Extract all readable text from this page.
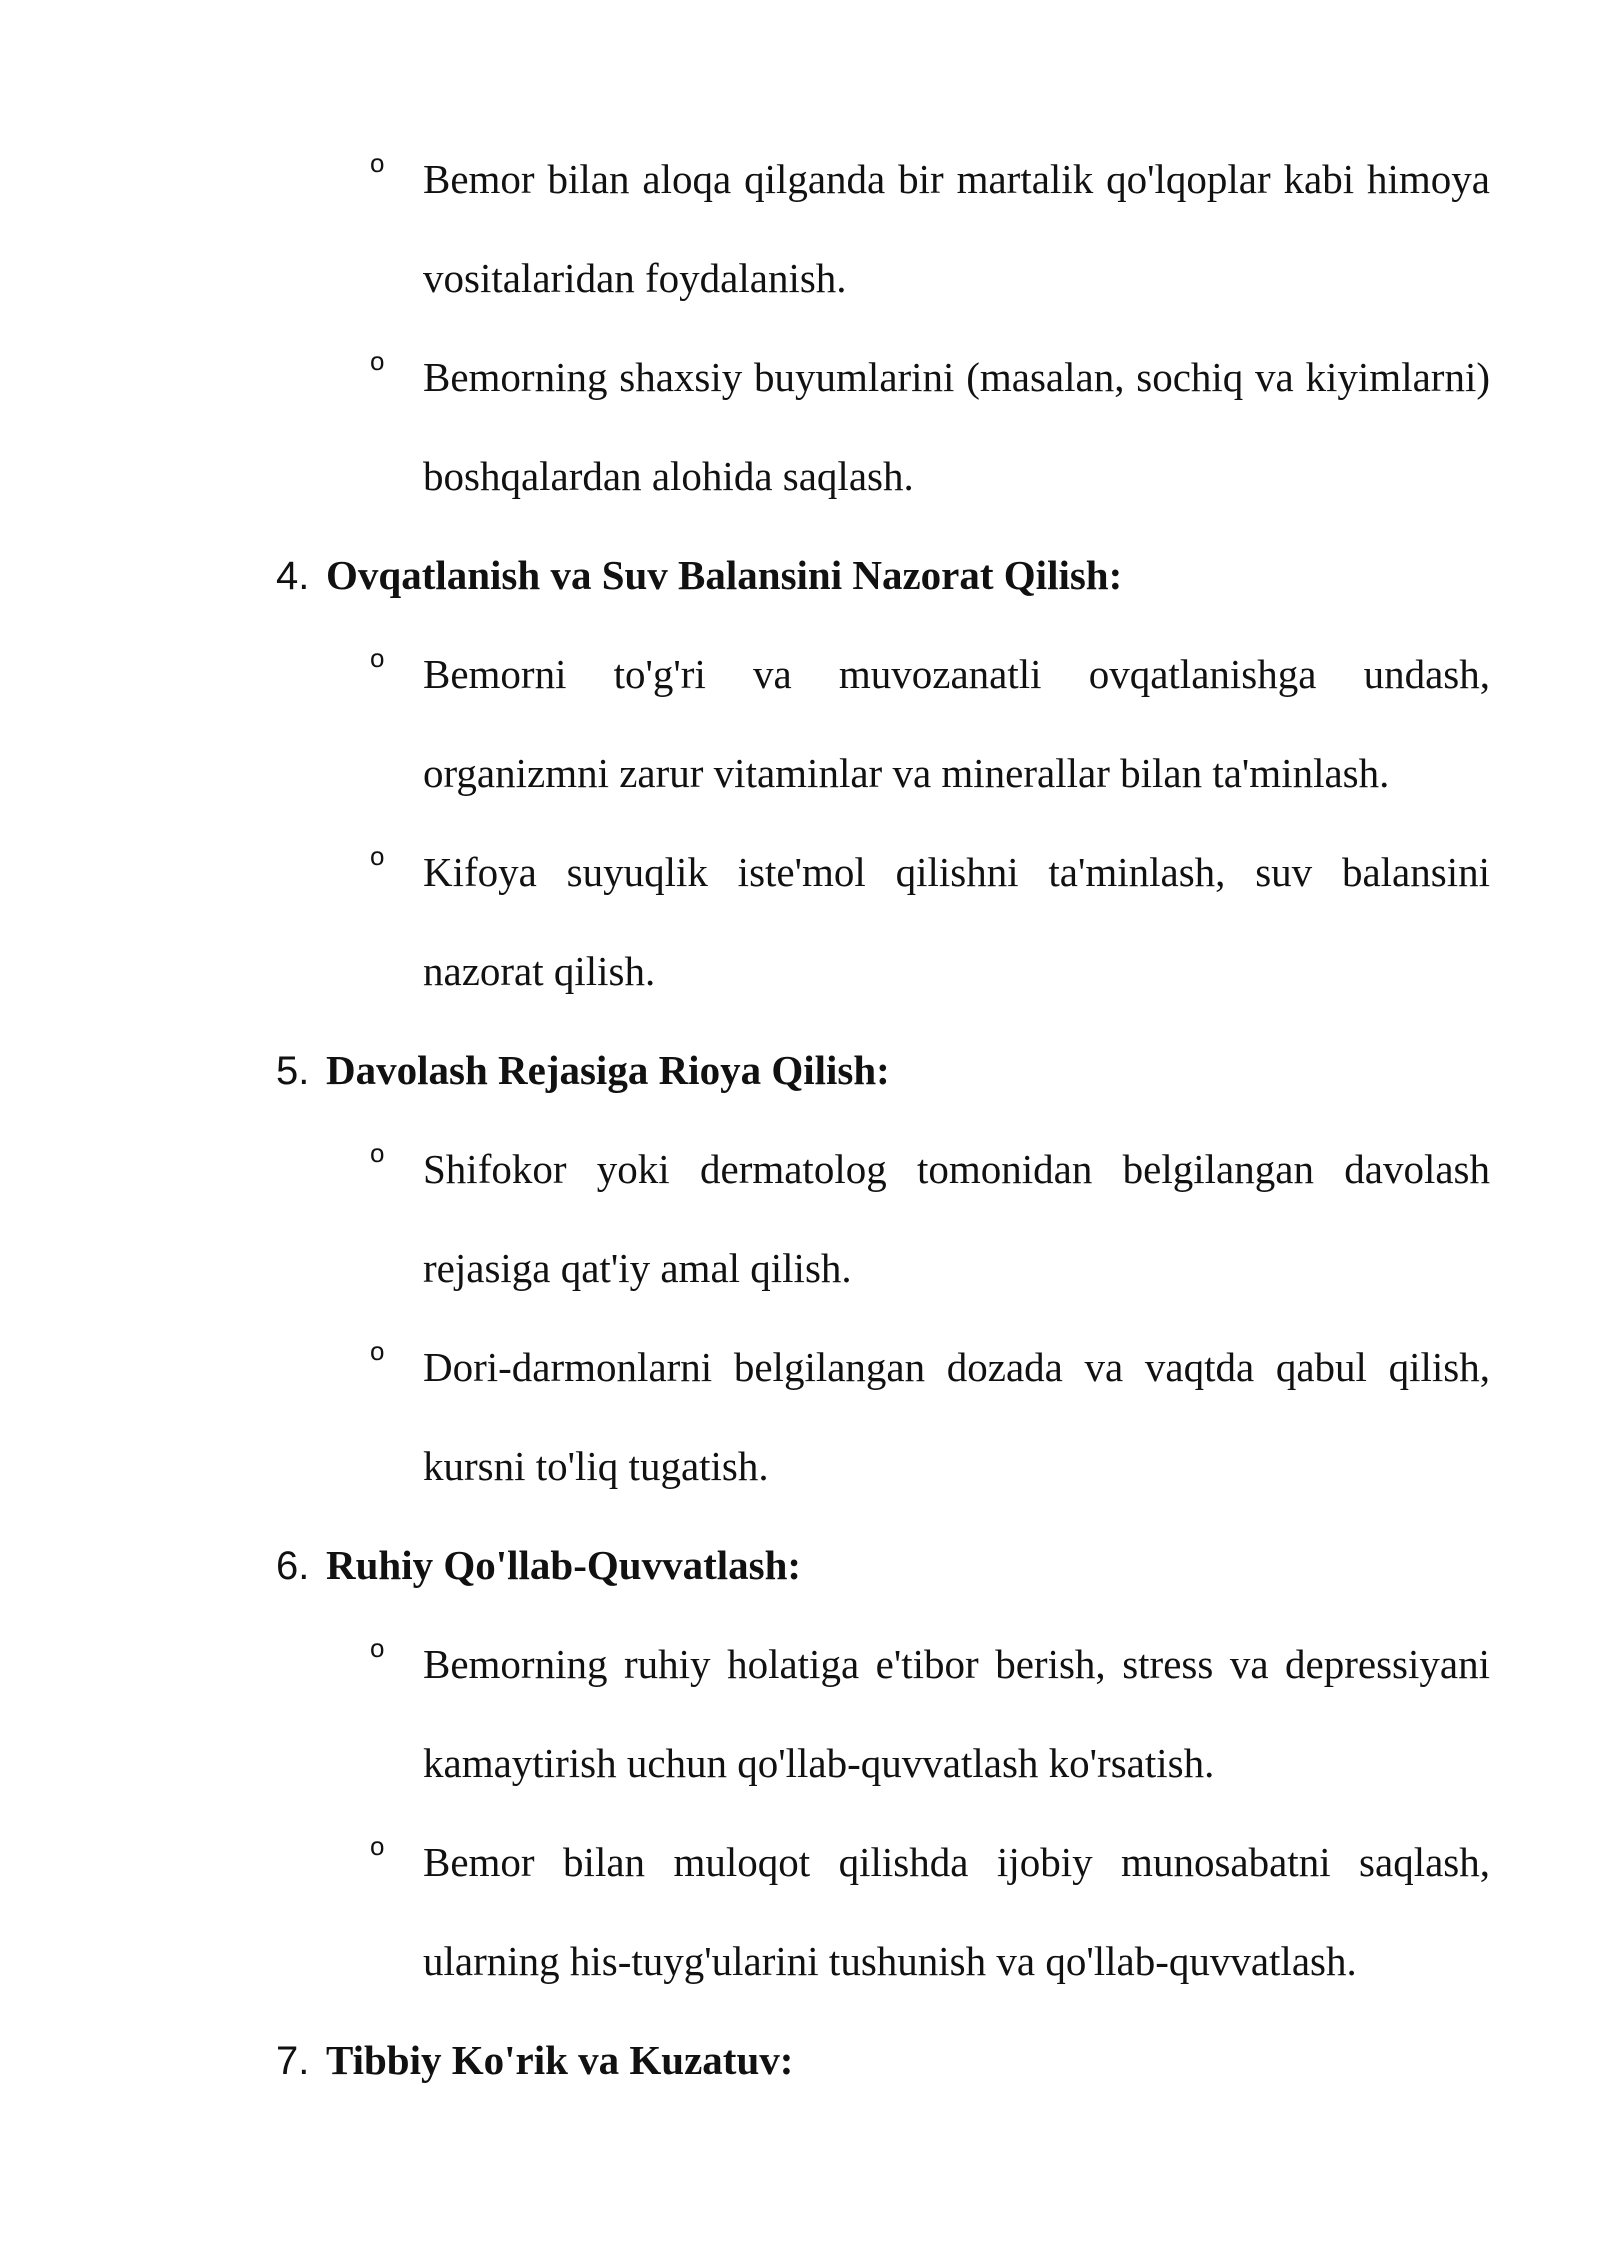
o Bemor bilan aloqa qilganda bir martalik qo'lqoplar kabi himoya vositalaridan foydalanish.
o Bemorning shaxsiy buyumlarini (masalan, sochiq va kiyimlarni) boshqalardan alohida saqlash.
4. Ovqatlanish va Suv Balansini Nazorat Qilish:
o Bemorni to'g'ri va muvozanatli ovqatlanishga undash, organizmni zarur vitaminlar va minerallar bilan ta'minlash.
o Kifoya suyuqlik iste'mol qilishni ta'minlash, suv balansini nazorat qilish.
5. Davolash Rejasiga Rioya Qilish:
o Shifokor yoki dermatolog tomonidan belgilangan davolash rejasiga qat'iy amal qilish.
o Dori-darmonlarni belgilangan dozada va vaqtda qabul qilish, kursni to'liq tugatish.
6. Ruhiy Qo'llab-Quvvatlash:
o Bemorning ruhiy holatiga e'tibor berish, stress va depressiyani kamaytirish uchun qo'llab-quvvatlash ko'rsatish.
o Bemor bilan muloqot qilishda ijobiy munosabatni saqlash, ularning his-tuyg'ularini tushunish va qo'llab-quvvatlash.
7. Tibbiy Ko'rik va Kuzatuv:
